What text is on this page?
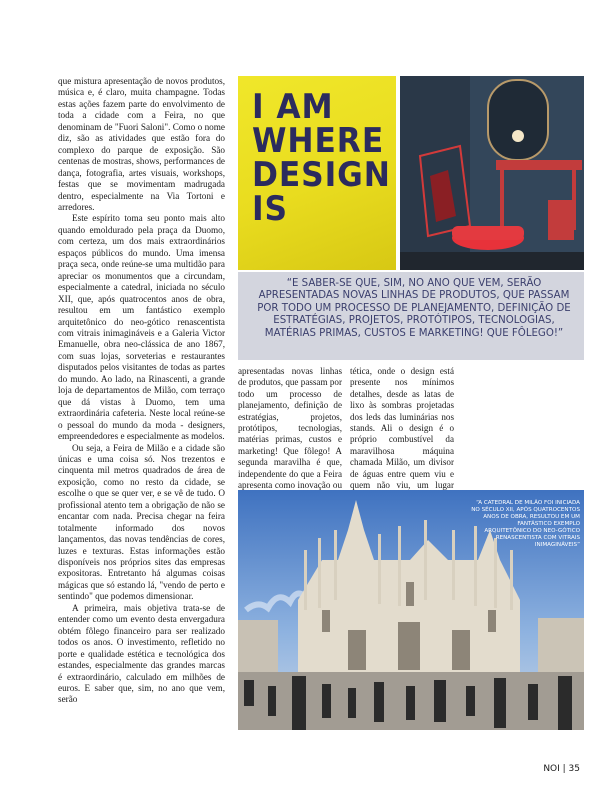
que mistura apresentação de novos produtos, música e, é claro, muita champagne. Todas estas ações fazem parte do envolvimento de toda a cidade com a Feira, no que denominam de "Fuori Saloni". Como o nome diz, são as atividades que estão fora do complexo do parque de exposição. São centenas de mostras, shows, performances de dança, fotografia, artes visuais, workshops, festas que se movimentam madrugada dentro, especialmente na Via Tortoni e arredores.

Este espírito toma seu ponto mais alto quando emoldurado pela praça da Duomo, com certeza, um dos mais extraordinários espaços públicos do mundo. Uma imensa praça seca, onde reúne-se uma multidão para apreciar os monumentos que a circundam, especialmente a catedral, iniciada no século XII, que, após quatrocentos anos de obra, resultou em um fantástico exemplo arquitetônico do neo-gótico renascentista com vitrais inimagináveis e a Galeria Victor Emanuelle, obra neo-clássica de ano 1867, com suas lojas, sorveterias e restaurantes disputados pelos visitantes de todas as partes do mundo. Ao lado, na Rinascenti, a grande loja de departamentos de Milão, com terraço que dá vistas à Duomo, tem uma extraordinária cafeteria. Neste local reúne-se o pessoal do mundo da moda - designers, empreendedores e especialmente as modelos.

Ou seja, a Feira de Milão e a cidade são únicas e uma coisa só. Nos trezentos e cinquenta mil metros quadrados de área de exposição, como no resto da cidade, se escolhe o que se quer ver, e se vê de tudo. O profissional atento tem a obrigação de não se encantar com nada. Precisa chegar na feira totalmente informado dos novos lançamentos, das novas tendências de cores, luzes e texturas. Estas informações estão disponíveis nos próprios sites das empresas expositoras. Entretanto há algumas coisas mágicas que só estando lá, "vendo de perto e sentindo" que podemos dimensionar.

A primeira, mais objetiva trata-se de entender como um evento desta envergadura obtém fôlego financeiro para ser realizado todos os anos. O investimento, refletido no porte e qualidade estética e tecnológica dos estandes, especialmente das grandes marcas é extraordinário, calculado em milhões de euros. E saber que, sim, no ano que vem, serão

I AM
WHERE
DESIGN
IS
“E SABER-SE QUE, SIM, NO ANO QUE VEM, SERÃO APRESENTADAS NOVAS LINHAS DE PRODUTOS, QUE PASSAM POR TODO UM PROCESSO DE PLANEJAMENTO, DEFINIÇÃO DE ESTRATÉGIAS, PROJETOS, PROTÓTIPOS, TECNOLOGIAS, MATÉRIAS PRIMAS, CUSTOS E MARKETING! QUE FÔLEGO!”
apresentadas novas linhas de produtos, que passam por todo um processo de planejamento, definição de estratégias, projetos, protótipos, tecnologias, matérias primas, custos e marketing! Que fôlego! A segunda maravilha é que, independente do que a Feira apresenta como inovação ou
tética, onde o design está presente nos mínimos detalhes, desde as latas de lixo às sombras projetadas dos leds das luminárias nos stands. Ali o design é o próprio combustível da maravilhosa máquina chamada Milão, um divisor de águas entre quem viu e quem não viu, um lugar
“A CATEDRAL DE MILÃO FOI INICIADA NO SÉCULO XII, APÓS QUATROCENTOS ANOS DE OBRA, RESULTOU EM UM FANTÁSTICO EXEMPLO ARQUITETÔNICO DO NEO-GÓTICO RENASCENTISTA COM VITRAIS INIMAGINÁVEIS”
NOI | 35
